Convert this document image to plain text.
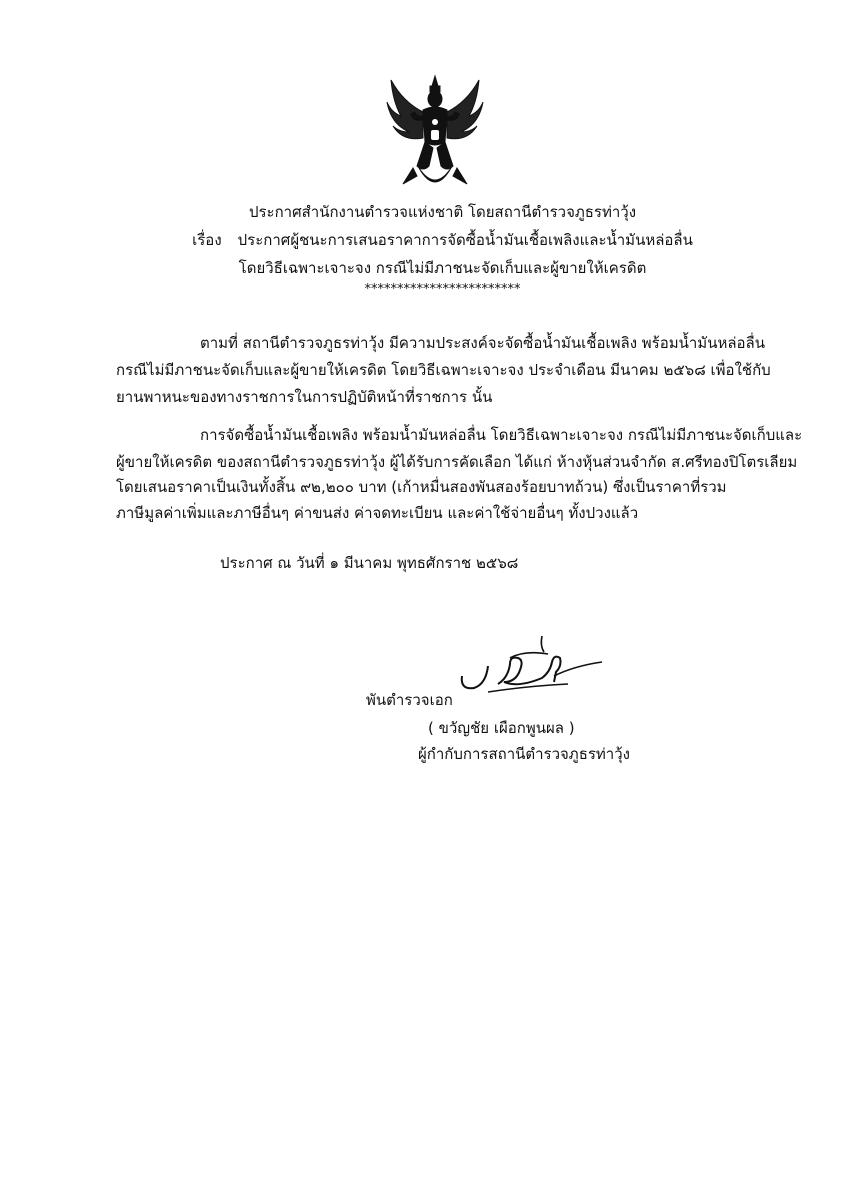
ประกาศสำนักงานตำรวจแห่งชาติ โดยสถานีตำรวจภูธรท่าวุ้ง
เรื่อง ประกาศผู้ชนะการเสนอราคาการจัดซื้อน้ำมันเชื้อเพลิงและน้ำมันหล่อลื่น
โดยวิธีเฉพาะเจาะจง กรณีไม่มีภาชนะจัดเก็บและผู้ขายให้เครดิต
************************
ตามที่ สถานีตำรวจภูธรท่าวุ้ง มีความประสงค์จะจัดซื้อน้ำมันเชื้อเพลิง พร้อมน้ำมันหล่อลื่น
กรณีไม่มีภาชนะจัดเก็บและผู้ขายให้เครดิต โดยวิธีเฉพาะเจาะจง ประจำเดือน มีนาคม ๒๕๖๘ เพื่อใช้กับ
ยานพาหนะของทางราชการในการปฏิบัติหน้าที่ราชการ นั้น
การจัดซื้อน้ำมันเชื้อเพลิง พร้อมน้ำมันหล่อลื่น โดยวิธีเฉพาะเจาะจง กรณีไม่มีภาชนะจัดเก็บและ
ผู้ขายให้เครดิต ของสถานีตำรวจภูธรท่าวุ้ง ผู้ได้รับการคัดเลือก ได้แก่ ห้างหุ้นส่วนจำกัด ส.ศรีทองปิโตรเลียม
โดยเสนอราคาเป็นเงินทั้งสิ้น ๙๒,๒๐๐ บาท (เก้าหมื่นสองพันสองร้อยบาทถ้วน) ซึ่งเป็นราคาที่รวม
ภาษีมูลค่าเพิ่มและภาษีอื่นๆ ค่าขนส่ง ค่าจดทะเบียน และค่าใช้จ่ายอื่นๆ ทั้งปวงแล้ว
ประกาศ ณ วันที่ ๑ มีนาคม พุทธศักราช ๒๕๖๘
พันตำรวจเอก
( ขวัญชัย เผือกพูนผล )
ผู้กำกับการสถานีตำรวจภูธรท่าวุ้ง
